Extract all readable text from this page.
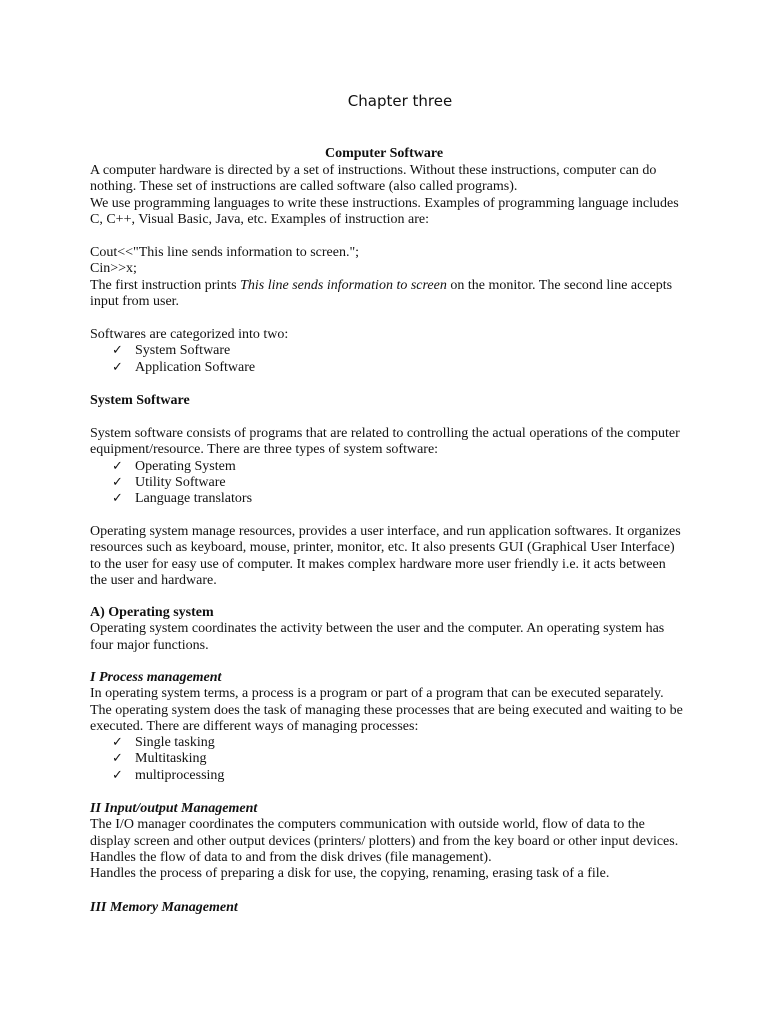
Chapter three
Computer Software
A computer hardware is directed by a set of instructions. Without these instructions, computer can do
nothing. These set of instructions are called software (also called programs).
We use programming languages to write these instructions. Examples of programming language includes
C, C++, Visual Basic, Java, etc. Examples of instruction are:
Cout<<"This line sends information to screen.";
Cin>>x;
The first instruction prints This line sends information to screen on the monitor. The second line accepts
input from user.
Softwares are categorized into two:
✓ System Software
✓ Application Software
System Software
System software consists of programs that are related to controlling the actual operations of the computer
equipment/resource. There are three types of system software:
✓ Operating System
✓ Utility Software
✓ Language translators
Operating system manage resources, provides a user interface, and run application softwares. It organizes
resources such as keyboard, mouse, printer, monitor, etc. It also presents GUI (Graphical User Interface)
to the user for easy use of computer. It makes complex hardware more user friendly i.e. it acts between
the user and hardware.
A) Operating system
Operating system coordinates the activity between the user and the computer. An operating system has
four major functions.
I Process management
In operating system terms, a process is a program or part of a program that can be executed separately.
The operating system does the task of managing these processes that are being executed and waiting to be
executed. There are different ways of managing processes:
✓ Single tasking
✓ Multitasking
✓ multiprocessing
II Input/output Management
The I/O manager coordinates the computers communication with outside world, flow of data to the
display screen and other output devices (printers/ plotters) and from the key board or other input devices.
Handles the flow of data to and from the disk drives (file management).
Handles the process of preparing a disk for use, the copying, renaming, erasing task of a file.
III Memory Management
